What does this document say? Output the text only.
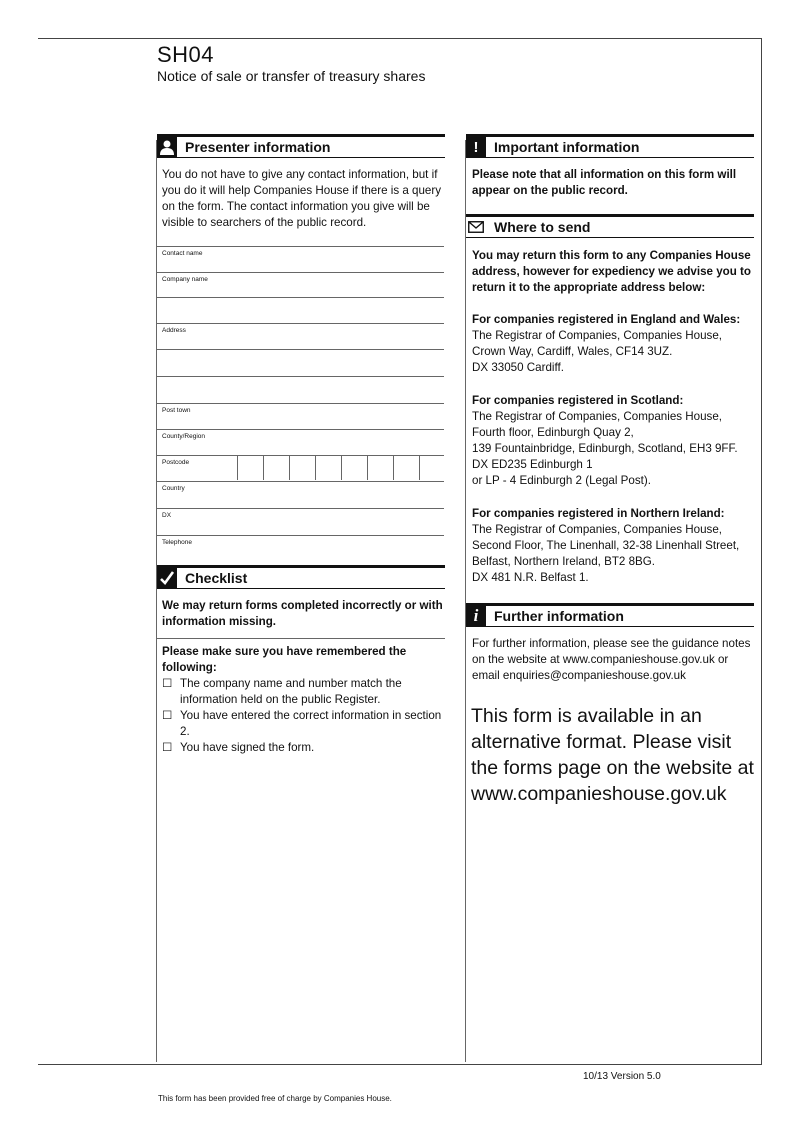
SH04
Notice of sale or transfer of treasury shares
Presenter information
You do not have to give any contact information, but if you do it will help Companies House if there is a query on the form. The contact information you give will be visible to searchers of the public record.
Contact name
Company name
Address
Post town
County/Region
Postcode
Country
DX
Telephone
Checklist
We may return forms completed incorrectly or with information missing.
Please make sure you have remembered the following:
☐ The company name and number match the information held on the public Register.
☐ You have entered the correct information in section 2.
☐ You have signed the form.
!	Important information
Please note that all information on this form will appear on the public record.
Where to send
You may return this form to any Companies House address, however for expediency we advise you to return it to the appropriate address below:
For companies registered in England and Wales:
The Registrar of Companies, Companies House,
Crown Way, Cardiff, Wales, CF14 3UZ.
DX 33050 Cardiff.
For companies registered in Scotland:
The Registrar of Companies, Companies House,
Fourth floor, Edinburgh Quay 2,
139 Fountainbridge, Edinburgh, Scotland, EH3 9FF.
DX ED235 Edinburgh 1
or LP - 4 Edinburgh 2 (Legal Post).
For companies registered in Northern Ireland:
The Registrar of Companies, Companies House,
Second Floor, The Linenhall, 32-38 Linenhall Street,
Belfast, Northern Ireland, BT2 8BG.
DX 481 N.R. Belfast 1.
i	Further information
For further information, please see the guidance notes on the website at www.companieshouse.gov.uk or email enquiries@companieshouse.gov.uk
This form is available in an alternative format. Please visit the forms page on the website at www.companieshouse.gov.uk
10/13 Version 5.0
This form has been provided free of charge by Companies House.
